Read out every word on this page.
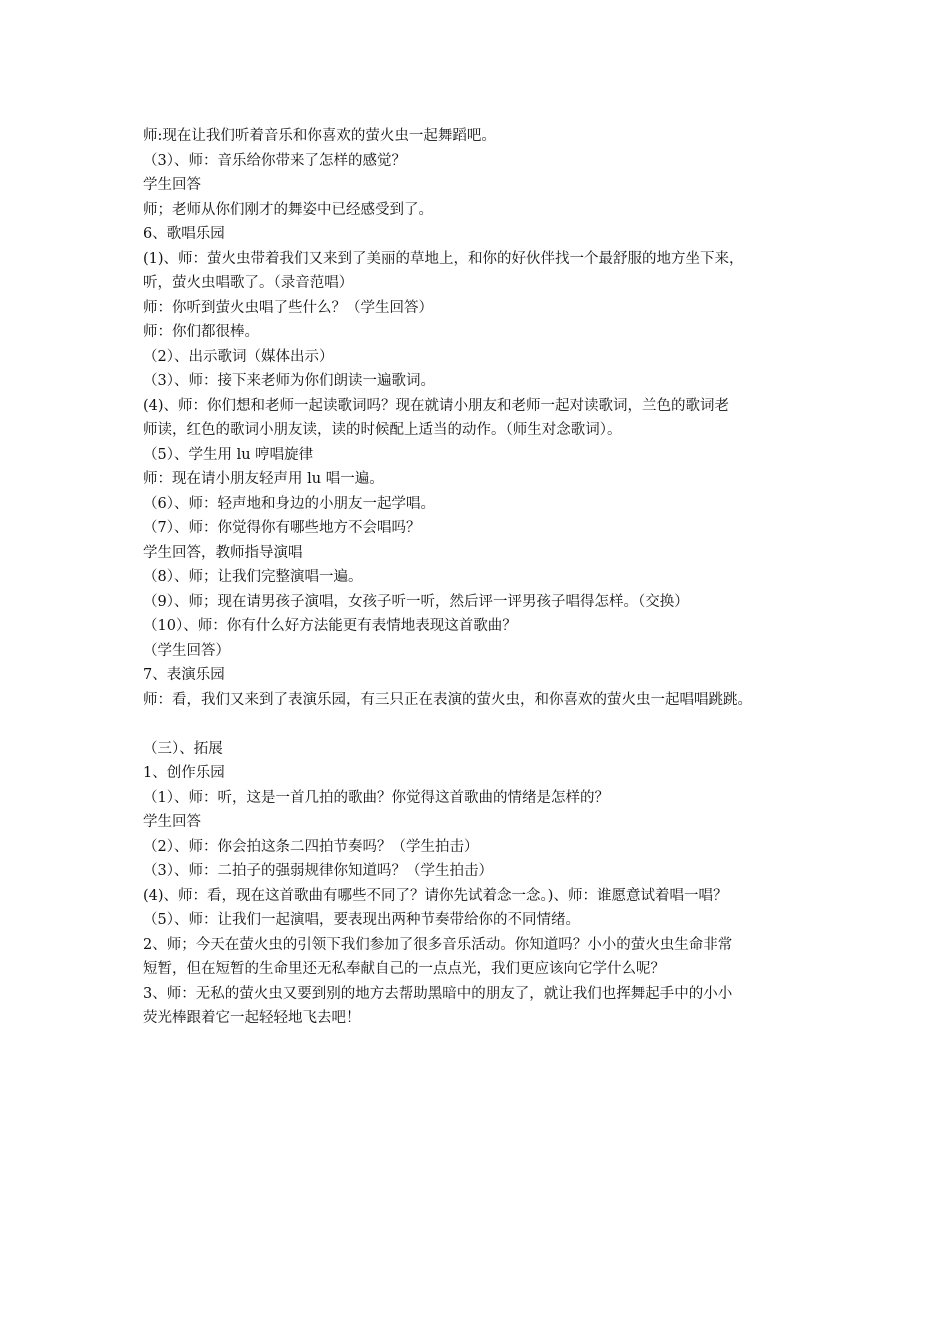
师:现在让我们听着音乐和你喜欢的萤火虫一起舞蹈吧。
（3）、师：音乐给你带来了怎样的感觉？
学生回答
师；老师从你们刚才的舞姿中已经感受到了。
6、歌唱乐园
(1)、师：萤火虫带着我们又来到了美丽的草地上，和你的好伙伴找一个最舒服的地方坐下来，
听，萤火虫唱歌了。（录音范唱）
师：你听到萤火虫唱了些什么？（学生回答）
师：你们都很棒。
（2）、出示歌词（媒体出示）
（3）、师：接下来老师为你们朗读一遍歌词。
(4)、师：你们想和老师一起读歌词吗？现在就请小朋友和老师一起对读歌词，兰色的歌词老
师读，红色的歌词小朋友读，读的时候配上适当的动作。（师生对念歌词）。
（5）、学生用 lu 哼唱旋律
师：现在请小朋友轻声用 lu 唱一遍。
（6）、师：轻声地和身边的小朋友一起学唱。
（7）、师：你觉得你有哪些地方不会唱吗？
学生回答，教师指导演唱
（8）、师；让我们完整演唱一遍。
（9）、师；现在请男孩子演唱，女孩子听一听，然后评一评男孩子唱得怎样。（交换）
（10）、师：你有什么好方法能更有表情地表现这首歌曲？
（学生回答）
7、表演乐园
师：看，我们又来到了表演乐园，有三只正在表演的萤火虫，和你喜欢的萤火虫一起唱唱跳跳。
（三）、拓展
1、创作乐园
（1）、师：听，这是一首几拍的歌曲？你觉得这首歌曲的情绪是怎样的？
学生回答
（2）、师：你会拍这条二四拍节奏吗？（学生拍击）
（3）、师：二拍子的强弱规律你知道吗？（学生拍击）
(4)、师：看，现在这首歌曲有哪些不同了？请你先试着念一念。)、师：谁愿意试着唱一唱？
（5）、师：让我们一起演唱，要表现出两种节奏带给你的不同情绪。
2、师；今天在萤火虫的引领下我们参加了很多音乐活动。你知道吗？小小的萤火虫生命非常
短暂，但在短暂的生命里还无私奉献自己的一点点光，我们更应该向它学什么呢？
3、师：无私的萤火虫又要到别的地方去帮助黑暗中的朋友了，就让我们也挥舞起手中的小小
荧光棒跟着它一起轻轻地飞去吧！
